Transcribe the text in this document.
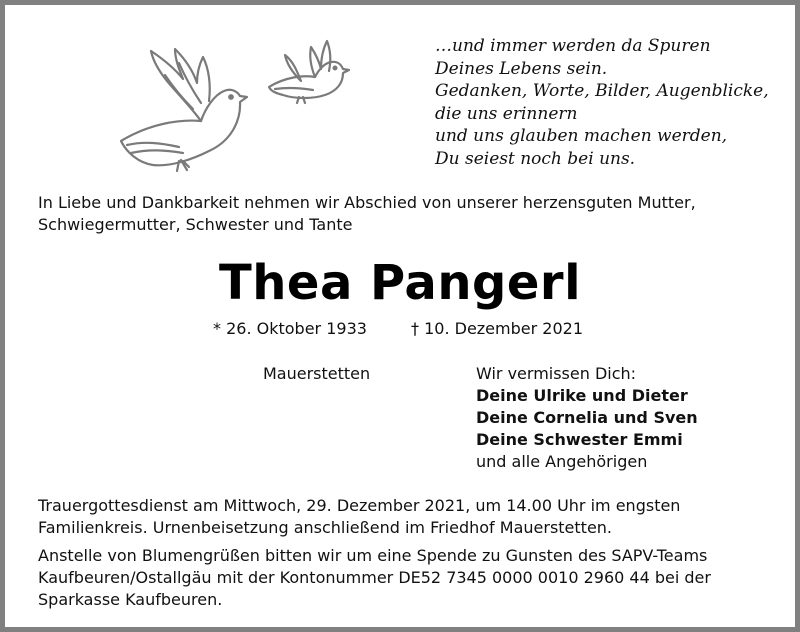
…und immer werden da Spuren
Deines Lebens sein.
Gedanken, Worte, Bilder, Augenblicke,
die uns erinnern
und uns glauben machen werden,
Du seiest noch bei uns.
In Liebe und Dankbarkeit nehmen wir Abschied von unserer herzensguten Mutter,
Schwiegermutter, Schwester und Tante
Thea Pangerl
* 26. Oktober 1933	† 10. Dezember 2021
Mauerstetten	Wir vermissen Dich:
Deine Ulrike und Dieter
Deine Cornelia und Sven
Deine Schwester Emmi
und alle Angehörigen
Trauergottesdienst am Mittwoch, 29. Dezember 2021, um 14.00 Uhr im engsten
Familienkreis. Urnenbeisetzung anschließend im Friedhof Mauerstetten.
Anstelle von Blumengrüßen bitten wir um eine Spende zu Gunsten des SAPV-Teams
Kaufbeuren/Ostallgäu mit der Kontonummer DE52 7345 0000 0010 2960 44 bei der
Sparkasse Kaufbeuren.
